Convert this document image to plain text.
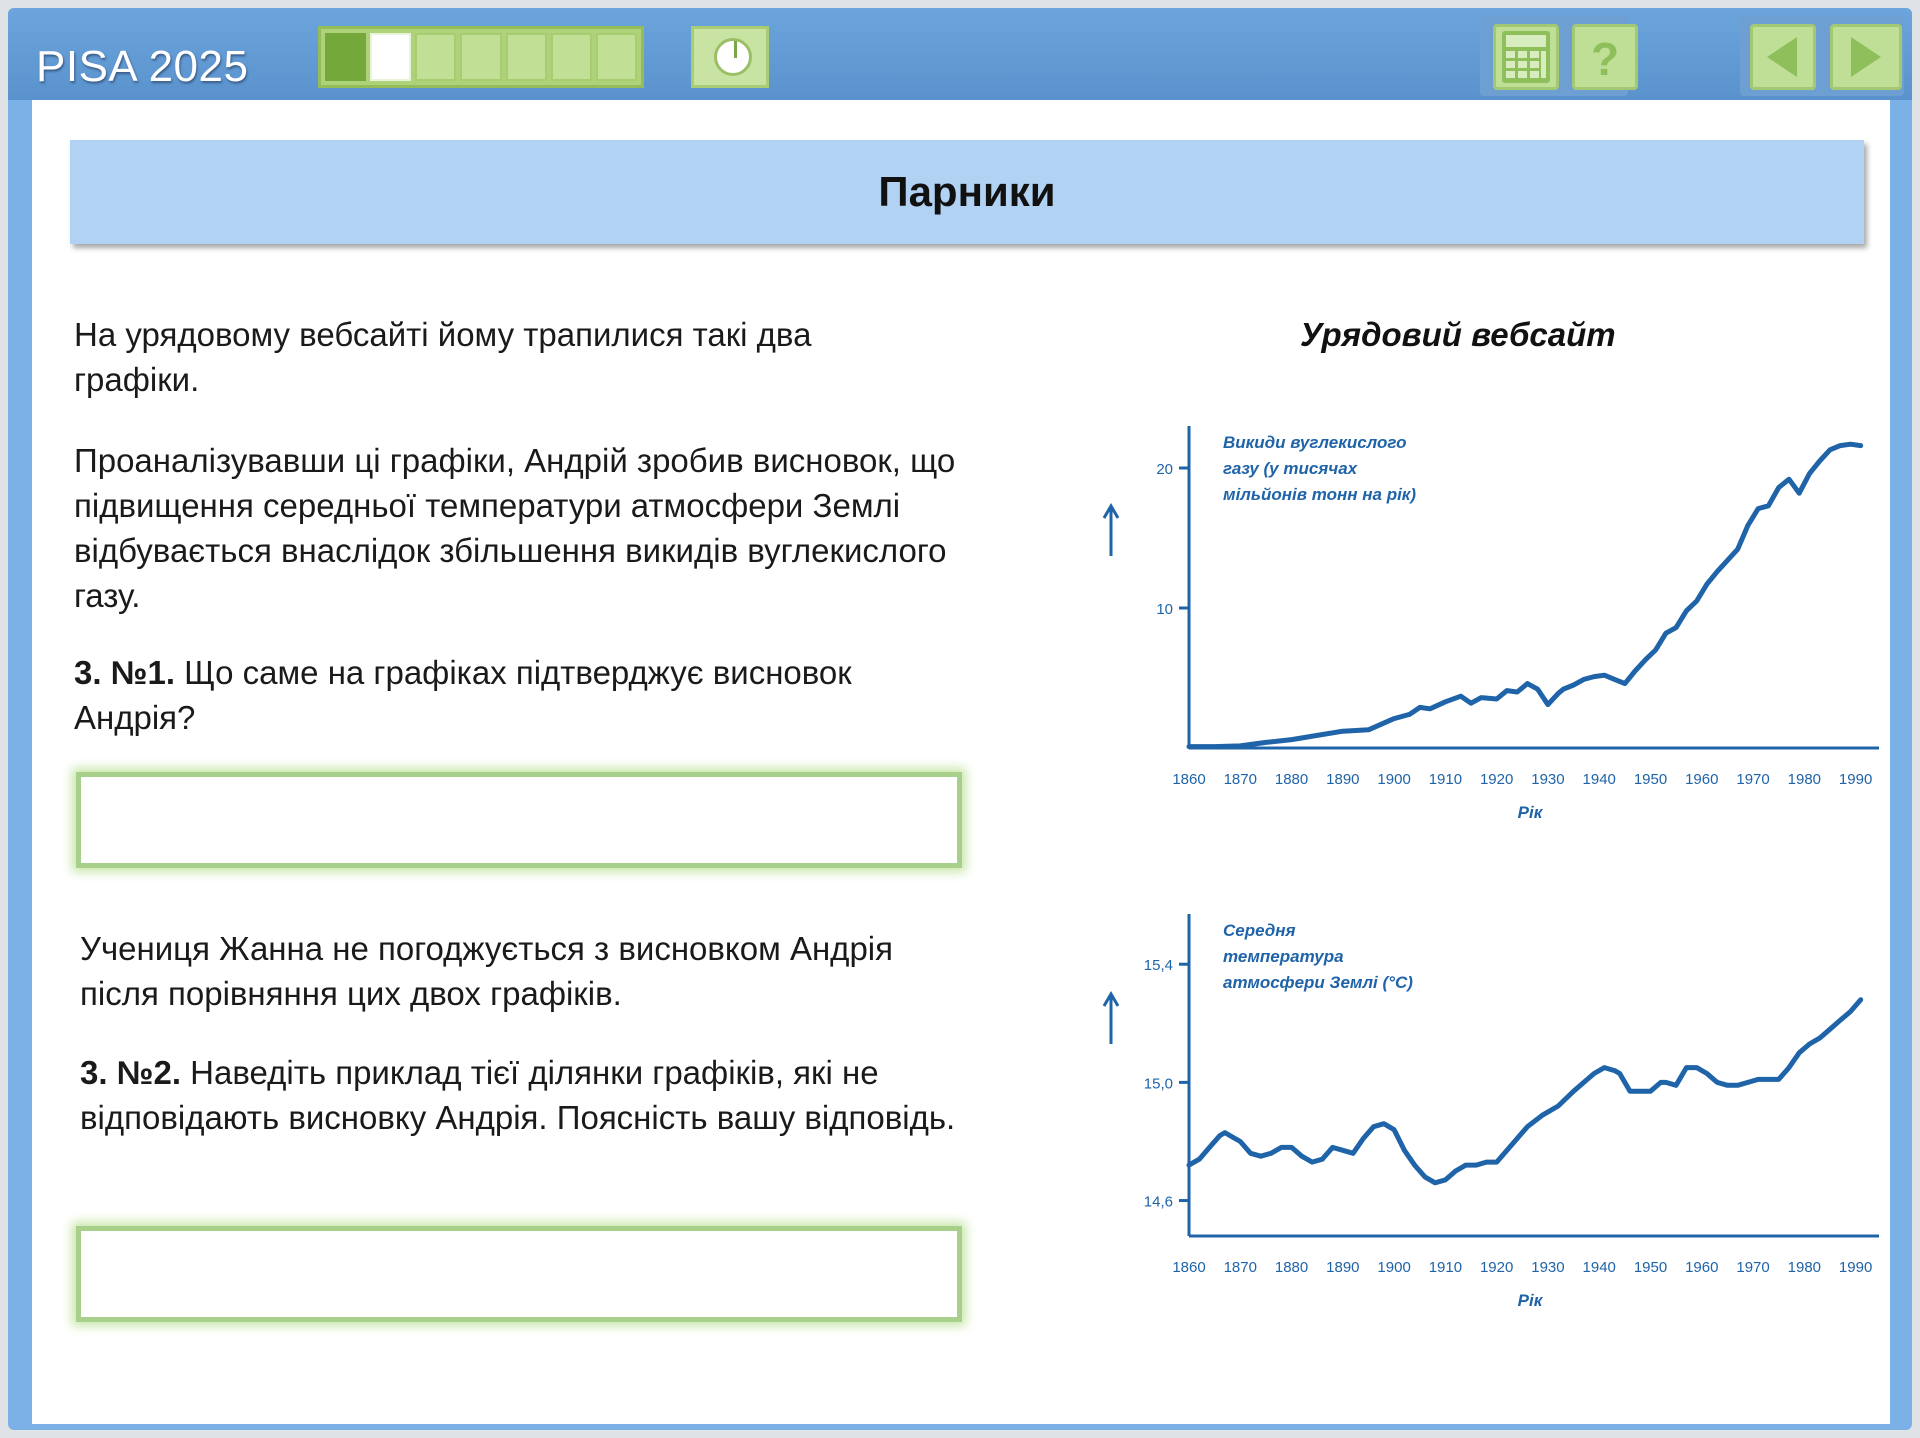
PISA 2025	?
Парники

На урядовому вебсайті йому трапилися такі два графіки.

Проаналізувавши ці графіки, Андрій зробив висновок, що підвищення середньої температури атмосфери Землі відбувається внаслідок збільшення викидів вуглекислого газу.

3. №1. Що саме на графіках підтверджує висновок Андрія?

Учениця Жанна не погоджується з висновком Андрія після порівняння цих двох графіків.

3. №2. Наведіть приклад тієї ділянки графіків, які не відповідають висновку Андрія. Поясність вашу відповідь.

Урядовий вебсайт
10
20
1860 1870 1880 1890 1900 1910 1920 1930 1940 1950 1960 1970 1980 1990
Рік
Викиди вуглекислого газу (у тисячах мільйонів тонн на рік)
14,6
15,0
15,4
1860 1870 1880 1890 1900 1910 1920 1930 1940 1950 1960 1970 1980 1990
Рік
Середня температура атмосфери Землі (°C)
